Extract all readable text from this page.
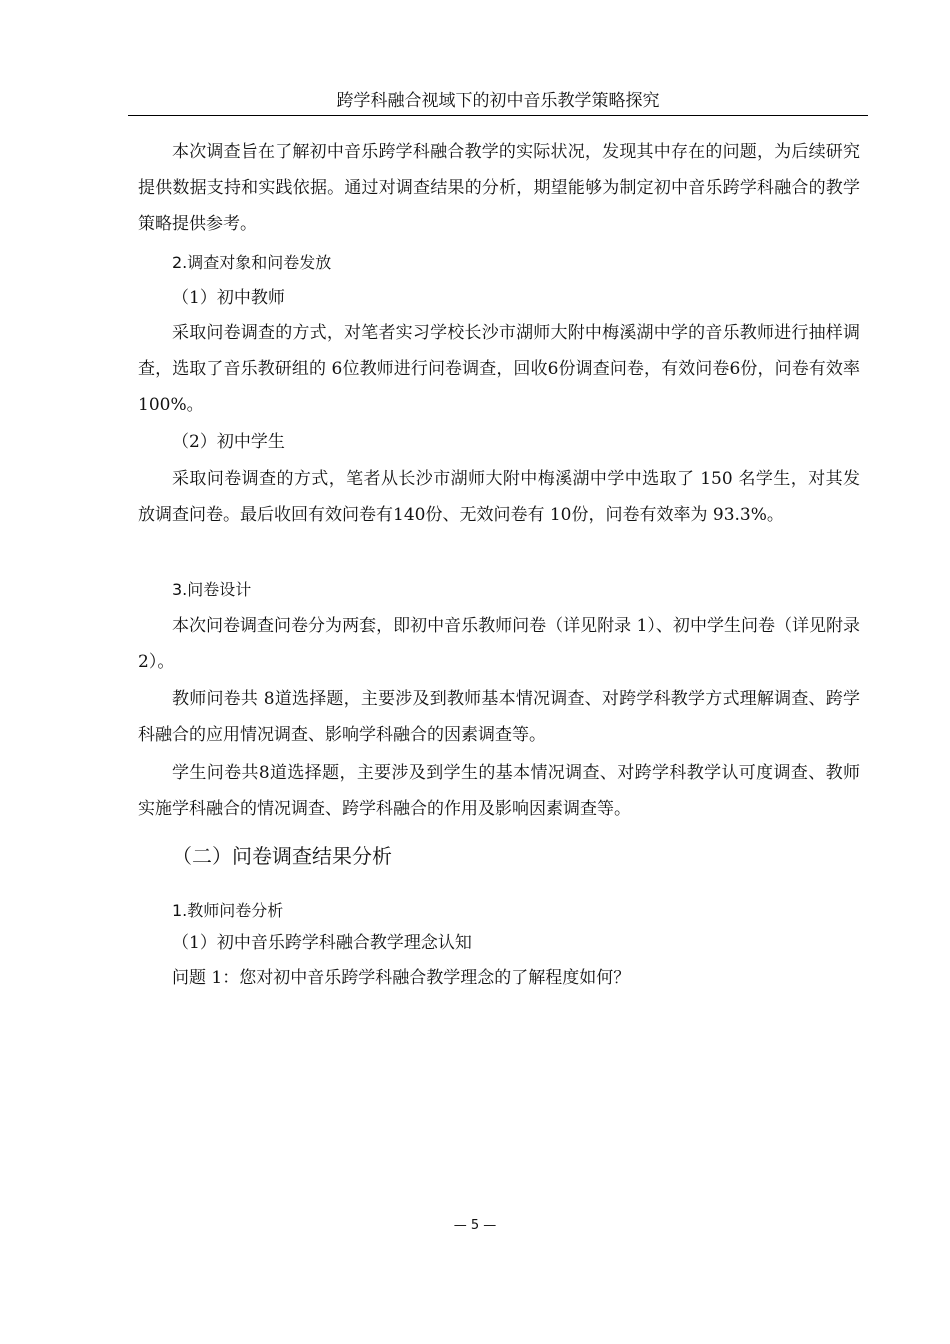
跨学科融合视域下的初中音乐教学策略探究

本次调查旨在了解初中音乐跨学科融合教学的实际状况，发现其中存在的问题，为后续研究提供数据支持和实践依据。通过对调查结果的分析，期望能够为制定初中音乐跨学科融合的教学策略提供参考。

2.调查对象和问卷发放

（1）初中教师

采取问卷调查的方式，对笔者实习学校长沙市湖师大附中梅溪湖中学的音乐教师进行抽样调查，选取了音乐教研组的 6位教师进行问卷调查，回收6份调查问卷，有效问卷6份，问卷有效率100%。

（2）初中学生

采取问卷调查的方式，笔者从长沙市湖师大附中梅溪湖中学中选取了 150 名学生，对其发放调查问卷。最后收回有效问卷有140份、无效问卷有 10份，问卷有效率为 93.3%。

3.问卷设计

本次问卷调查问卷分为两套，即初中音乐教师问卷（详见附录 1）、初中学生问卷（详见附录 2）。

教师问卷共 8道选择题，主要涉及到教师基本情况调查、对跨学科教学方式理解调查、跨学科融合的应用情况调查、影响学科融合的因素调查等。

学生问卷共8道选择题，主要涉及到学生的基本情况调查、对跨学科教学认可度调查、教师实施学科融合的情况调查、跨学科融合的作用及影响因素调查等。

（二）问卷调查结果分析

1.教师问卷分析

（1）初中音乐跨学科融合教学理念认知

问题 1：您对初中音乐跨学科融合教学理念的了解程度如何？

— 5 —
